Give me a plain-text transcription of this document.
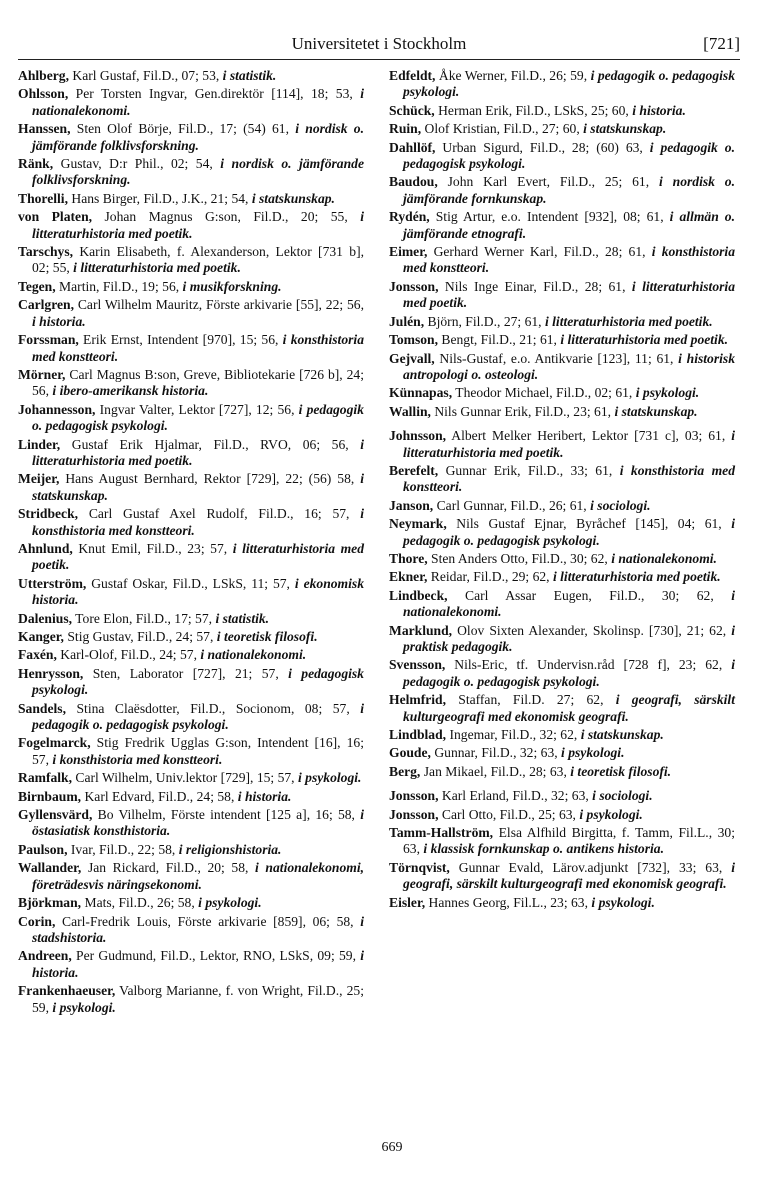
Universitetet i Stockholm	[721]

Ahlberg, Karl Gustaf, Fil.D., 07; 53, i statistik.

Ohlsson, Per Torsten Ingvar, Gen.direktör [114], 18; 53, i nationalekonomi.

Hanssen, Sten Olof Börje, Fil.D., 17; (54) 61, i nordisk o. jämförande folklivsforskning.

Ränk, Gustav, D:r Phil., 02; 54, i nordisk o. jämförande folklivsforskning.

Thorelli, Hans Birger, Fil.D., J.K., 21; 54, i statskunskap.

von Platen, Johan Magnus G:son, Fil.D., 20; 55, i litteraturhistoria med poetik.

Tarschys, Karin Elisabeth, f. Alexanderson, Lektor [731 b], 02; 55, i litteraturhistoria med poetik.

Tegen, Martin, Fil.D., 19; 56, i musikforskning.

Carlgren, Carl Wilhelm Mauritz, Förste arkivarie [55], 22; 56, i historia.

Forssman, Erik Ernst, Intendent [970], 15; 56, i konsthistoria med konstteori.

Mörner, Carl Magnus B:son, Greve, Bibliotekarie [726 b], 24; 56, i ibero-amerikansk historia.

Johannesson, Ingvar Valter, Lektor [727], 12; 56, i pedagogik o. pedagogisk psykologi.

Linder, Gustaf Erik Hjalmar, Fil.D., RVO, 06; 56, i litteraturhistoria med poetik.

Meijer, Hans August Bernhard, Rektor [729], 22; (56) 58, i statskunskap.

Stridbeck, Carl Gustaf Axel Rudolf, Fil.D., 16; 57, i konsthistoria med konstteori.

Ahnlund, Knut Emil, Fil.D., 23; 57, i litteraturhistoria med poetik.

Utterström, Gustaf Oskar, Fil.D., LSkS, 11; 57, i ekonomisk historia.

Dalenius, Tore Elon, Fil.D., 17; 57, i statistik.

Kanger, Stig Gustav, Fil.D., 24; 57, i teoretisk filosofi.

Faxén, Karl-Olof, Fil.D., 24; 57, i nationalekonomi.

Henrysson, Sten, Laborator [727], 21; 57, i pedagogisk psykologi.

Sandels, Stina Claësdotter, Fil.D., Socionom, 08; 57, i pedagogik o. pedagogisk psykologi.

Fogelmarck, Stig Fredrik Ugglas G:son, Intendent [16], 16; 57, i konsthistoria med konstteori.

Ramfalk, Carl Wilhelm, Univ.lektor [729], 15; 57, i psykologi.

Birnbaum, Karl Edvard, Fil.D., 24; 58, i historia.

Gyllensvärd, Bo Vilhelm, Förste intendent [125 a], 16; 58, i östasiatisk konsthistoria.

Paulson, Ivar, Fil.D., 22; 58, i religionshistoria.

Wallander, Jan Rickard, Fil.D., 20; 58, i nationalekonomi, företrädesvis näringsekonomi.

Björkman, Mats, Fil.D., 26; 58, i psykologi.

Corin, Carl-Fredrik Louis, Förste arkivarie [859], 06; 58, i stadshistoria.

Andreen, Per Gudmund, Fil.D., Lektor, RNO, LSkS, 09; 59, i historia.

Frankenhaeuser, Valborg Marianne, f. von Wright, Fil.D., 25; 59, i psykologi.

Edfeldt, Åke Werner, Fil.D., 26; 59, i pedagogik o. pedagogisk psykologi.

Schück, Herman Erik, Fil.D., LSkS, 25; 60, i historia.

Ruin, Olof Kristian, Fil.D., 27; 60, i statskunskap.

Dahllöf, Urban Sigurd, Fil.D., 28; (60) 63, i pedagogik o. pedagogisk psykologi.

Baudou, John Karl Evert, Fil.D., 25; 61, i nordisk o. jämförande fornkunskap.

Rydén, Stig Artur, e.o. Intendent [932], 08; 61, i allmän o. jämförande etnografi.

Eimer, Gerhard Werner Karl, Fil.D., 28; 61, i konsthistoria med konstteori.

Jonsson, Nils Inge Einar, Fil.D., 28; 61, i litteraturhistoria med poetik.

Julén, Björn, Fil.D., 27; 61, i litteraturhistoria med poetik.

Tomson, Bengt, Fil.D., 21; 61, i litteraturhistoria med poetik.

Gejvall, Nils-Gustaf, e.o. Antikvarie [123], 11; 61, i historisk antropologi o. osteologi.

Künnapas, Theodor Michael, Fil.D., 02; 61, i psykologi.

Wallin, Nils Gunnar Erik, Fil.D., 23; 61, i statskunskap.

Johnsson, Albert Melker Heribert, Lektor [731 c], 03; 61, i litteraturhistoria med poetik.

Berefelt, Gunnar Erik, Fil.D., 33; 61, i konsthistoria med konstteori.

Janson, Carl Gunnar, Fil.D., 26; 61, i sociologi.

Neymark, Nils Gustaf Ejnar, Byråchef [145], 04; 61, i pedagogik o. pedagogisk psykologi.

Thore, Sten Anders Otto, Fil.D., 30; 62, i nationalekonomi.

Ekner, Reidar, Fil.D., 29; 62, i litteraturhistoria med poetik.

Lindbeck, Carl Assar Eugen, Fil.D., 30; 62, i nationalekonomi.

Marklund, Olov Sixten Alexander, Skolinsp. [730], 21; 62, i praktisk pedagogik.

Svensson, Nils-Eric, tf. Undervisn.råd [728 f], 23; 62, i pedagogik o. pedagogisk psykologi.

Helmfrid, Staffan, Fil.D. 27; 62, i geografi, särskilt kulturgeografi med ekonomisk geografi.

Lindblad, Ingemar, Fil.D., 32; 62, i statskunskap.

Goude, Gunnar, Fil.D., 32; 63, i psykologi.

Berg, Jan Mikael, Fil.D., 28; 63, i teoretisk filosofi.

Jonsson, Karl Erland, Fil.D., 32; 63, i sociologi.

Jonsson, Carl Otto, Fil.D., 25; 63, i psykologi.

Tamm-Hallström, Elsa Alfhild Birgitta, f. Tamm, Fil.L., 30; 63, i klassisk fornkunskap o. antikens historia.

Törnqvist, Gunnar Evald, Lärov.adjunkt [732], 33; 63, i geografi, särskilt kulturgeografi med ekonomisk geografi.

Eisler, Hannes Georg, Fil.L., 23; 63, i psykologi.

669
